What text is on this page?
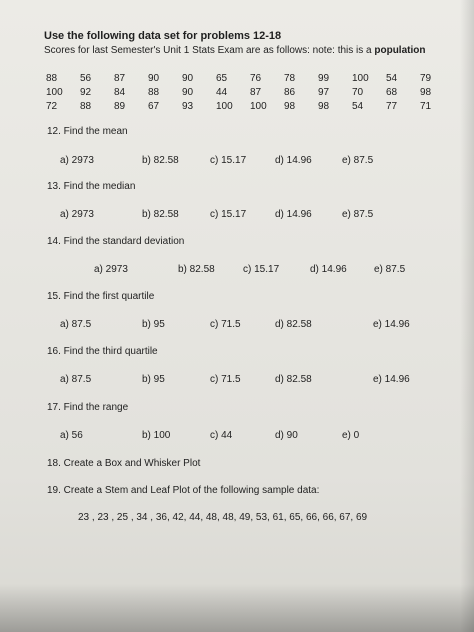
Use the following data set for problems 12-18
Scores for last Semester's Unit 1 Stats Exam are as follows: note: this is a population
88	56	87	90	90	65	76	78	99	100	54	79
100	92	84	88	90	44	87	86	97	70	68	98
72	88	89	67	93	100	100	98	98	54	77	71
12. Find the mean
a) 2973	b) 82.58	c) 15.17	d) 14.96	e) 87.5
13. Find the median
a) 2973	b) 82.58	c) 15.17	d) 14.96	e) 87.5
14. Find the standard deviation
a) 2973	b) 82.58	c) 15.17	d) 14.96	e) 87.5
15. Find the first quartile
a) 87.5	b) 95	c) 71.5	d) 82.58	e) 14.96
16. Find the third quartile
a) 87.5	b) 95	c) 71.5	d) 82.58	e) 14.96
17. Find the range
a) 56	b) 100	c) 44	d) 90	e) 0
18. Create a Box and Whisker Plot
19. Create a Stem and Leaf Plot of the following sample data:
23 , 23 , 25 , 34 , 36, 42, 44, 48, 48, 49, 53, 61, 65, 66, 66, 67, 69
